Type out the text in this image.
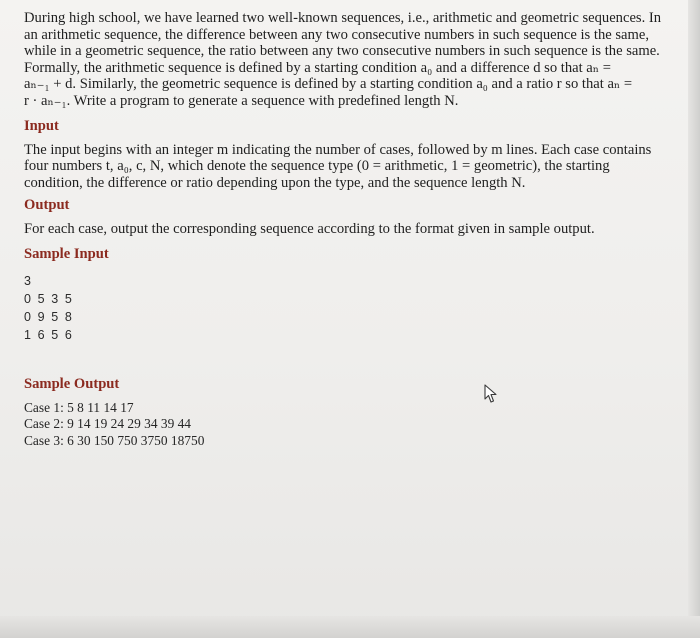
During high school, we have learned two well-known sequences, i.e., arithmetic and geometric sequences. In

an arithmetic sequence, the difference between any two consecutive numbers in such sequence is the same,

while in a geometric sequence, the ratio between any two consecutive numbers in such sequence is the same.

Formally, the arithmetic sequence is defined by a starting condition a₀ and a difference d so that aₙ =

aₙ₋₁ + d. Similarly, the geometric sequence is defined by a starting condition a₀ and a ratio r so that aₙ =

r · aₙ₋₁. Write a program to generate a sequence with predefined length N.

Input

The input begins with an integer m indicating the number of cases, followed by m lines. Each case contains

four numbers t, a₀, c, N, which denote the sequence type (0 = arithmetic, 1 = geometric), the starting

condition, the difference or ratio depending upon the type, and the sequence length N.

Output

For each case, output the corresponding sequence according to the format given in sample output.

Sample Input

3
0 5 3 5
0 9 5 8
1 6 5 6

Sample Output

Case 1: 5 8 11 14 17
Case 2: 9 14 19 24 29 34 39 44
Case 3: 6 30 150 750 3750 18750
